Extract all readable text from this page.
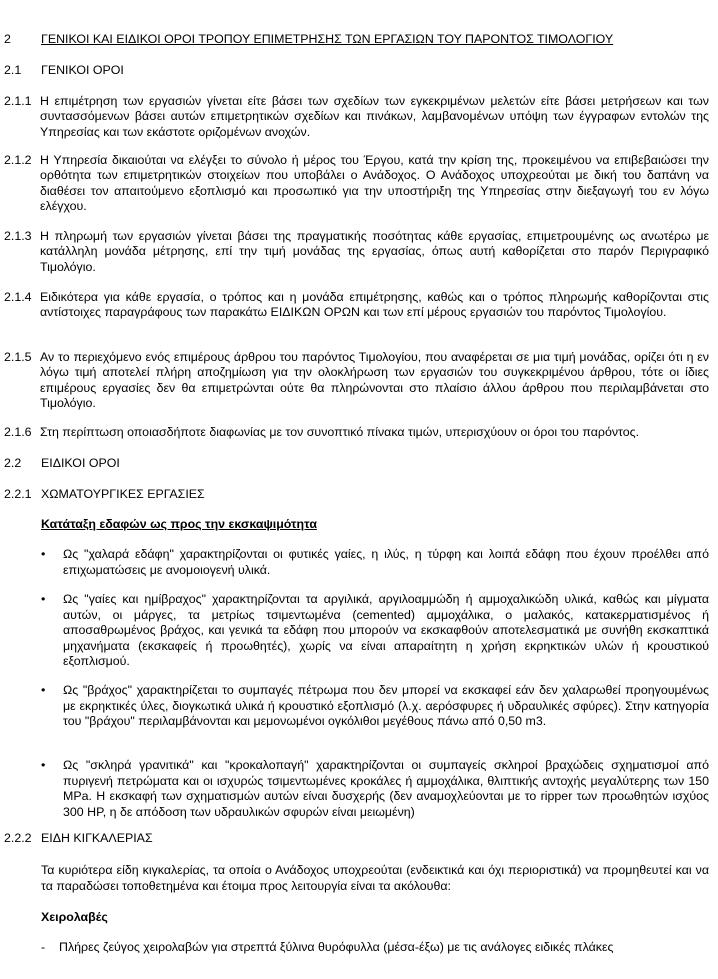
2 ΓΕΝΙΚΟΙ ΚΑΙ ΕΙΔΙΚΟΙ ΟΡΟΙ ΤΡΟΠΟΥ ΕΠΙΜΕΤΡΗΣΗΣ ΤΩΝ ΕΡΓΑΣΙΩΝ ΤΟΥ ΠΑΡΟΝΤΟΣ ΤΙΜΟΛΟΓΙΟΥ
2.1 ΓΕΝΙΚΟΙ ΟΡΟΙ
2.1.1 Η επιμέτρηση των εργασιών γίνεται είτε βάσει των σχεδίων των εγκεκριμένων μελετών είτε βάσει μετρήσεων και των συντασσόμενων βάσει αυτών επιμετρητικών σχεδίων και πινάκων, λαμβανομένων υπόψη των έγγραφων εντολών της Υπηρεσίας και των εκάστοτε οριζομένων ανοχών.
2.1.2 Η Υπηρεσία δικαιούται να ελέγξει το σύνολο ή μέρος του Έργου, κατά την κρίση της, προκειμένου να επιβεβαιώσει την ορθότητα των επιμετρητικών στοιχείων που υποβάλει ο Ανάδοχος. Ο Ανάδοχος υποχρεούται με δική του δαπάνη να διαθέσει τον απαιτούμενο εξοπλισμό και προσωπικό για την υποστήριξη της Υπηρεσίας στην διεξαγωγή του εν λόγω ελέγχου.
2.1.3 Η πληρωμή των εργασιών γίνεται βάσει της πραγματικής ποσότητας κάθε εργασίας, επιμετρουμένης ως ανωτέρω με κατάλληλη μονάδα μέτρησης, επί την τιμή μονάδας της εργασίας, όπως αυτή καθορίζεται στο παρόν Περιγραφικό Τιμολόγιο.
2.1.4 Ειδικότερα για κάθε εργασία, ο τρόπος και η μονάδα επιμέτρησης, καθώς και ο τρόπος πληρωμής καθορίζονται στις αντίστοιχες παραγράφους των παρακάτω ΕΙΔΙΚΩΝ ΟΡΩΝ και των επί μέρους εργασιών του παρόντος Τιμολογίου.
2.1.5 Αν το περιεχόμενο ενός επιμέρους άρθρου του παρόντος Τιμολογίου, που αναφέρεται σε μια τιμή μονάδας, ορίζει ότι η εν λόγω τιμή αποτελεί πλήρη αποζημίωση για την ολοκλήρωση των εργασιών του συγκεκριμένου άρθρου, τότε οι ίδιες επιμέρους εργασίες δεν θα επιμετρώνται ούτε θα πληρώνονται στο πλαίσιο άλλου άρθρου που περιλαμβάνεται στο Τιμολόγιο.
2.1.6 Στη περίπτωση οποιασδήποτε διαφωνίας με τον συνοπτικό πίνακα τιμών, υπερισχύουν οι όροι του παρόντος.
2.2 ΕΙΔΙΚΟΙ ΟΡΟΙ
2.2.1 ΧΩΜΑΤΟΥΡΓΙΚΕΣ ΕΡΓΑΣΙΕΣ
Κατάταξη εδαφών ως προς την εκσκαψιμότητα
• Ως "χαλαρά εδάφη" χαρακτηρίζονται οι φυτικές γαίες, η ιλύς, η τύρφη και λοιπά εδάφη που έχουν προέλθει από επιχωματώσεις με ανομοιογενή υλικά.
• Ως "γαίες και ημίβραχος" χαρακτηρίζονται τα αργιλικά, αργιλοαμμώδη ή αμμοχαλικώδη υλικά, καθώς και μίγματα αυτών, οι μάργες, τα μετρίως τσιμεντωμένα (cemented) αμμοχάλικα, ο μαλακός, κατακερματισμένος ή αποσαθρωμένος βράχος, και γενικά τα εδάφη που μπορούν να εκσκαφθούν αποτελεσματικά με συνήθη εκσκαπτικά μηχανήματα (εκσκαφείς ή προωθητές), χωρίς να είναι απαραίτητη η χρήση εκρηκτικών υλών ή κρουστικού εξοπλισμού.
• Ως "βράχος" χαρακτηρίζεται το συμπαγές πέτρωμα που δεν μπορεί να εκσκαφεί εάν δεν χαλαρωθεί προηγουμένως με εκρηκτικές ύλες, διογκωτικά υλικά ή κρουστικό εξοπλισμό (λ.χ. αερόσφυρες ή υδραυλικές σφύρες). Στην κατηγορία του "βράχου" περιλαμβάνονται και μεμονωμένοι ογκόλιθοι μεγέθους πάνω από 0,50 m3.
• Ως "σκληρά γρανιτικά" και "κροκαλοπαγή" χαρακτηρίζονται οι συμπαγείς σκληροί βραχώδεις σχηματισμοί από πυριγενή πετρώματα και οι ισχυρώς τσιμεντωμένες κροκάλες ή αμμοχάλικα, θλιπτικής αντοχής μεγαλύτερης των 150 MPa. Η εκσκαφή των σχηματισμών αυτών είναι δυσχερής (δεν αναμοχλεύονται με το ripper των προωθητών ισχύος 300 HP, η δε απόδοση των υδραυλικών σφυρών είναι μειωμένη)
2.2.2 ΕΙΔΗ ΚΙΓΚΑΛΕΡΙΑΣ
Τα κυριότερα είδη κιγκαλερίας, τα οποία ο Ανάδοχος υποχρεούται (ενδεικτικά και όχι περιοριστικά) να προμηθευτεί και να τα παραδώσει τοποθετημένα και έτοιμα προς λειτουργία είναι τα ακόλουθα:
Χειρολαβές
- Πλήρες ζεύγος χειρολαβών για στρεπτά ξύλινα θυρόφυλλα (μέσα-έξω) με τις ανάλογες ειδικές πλάκες
